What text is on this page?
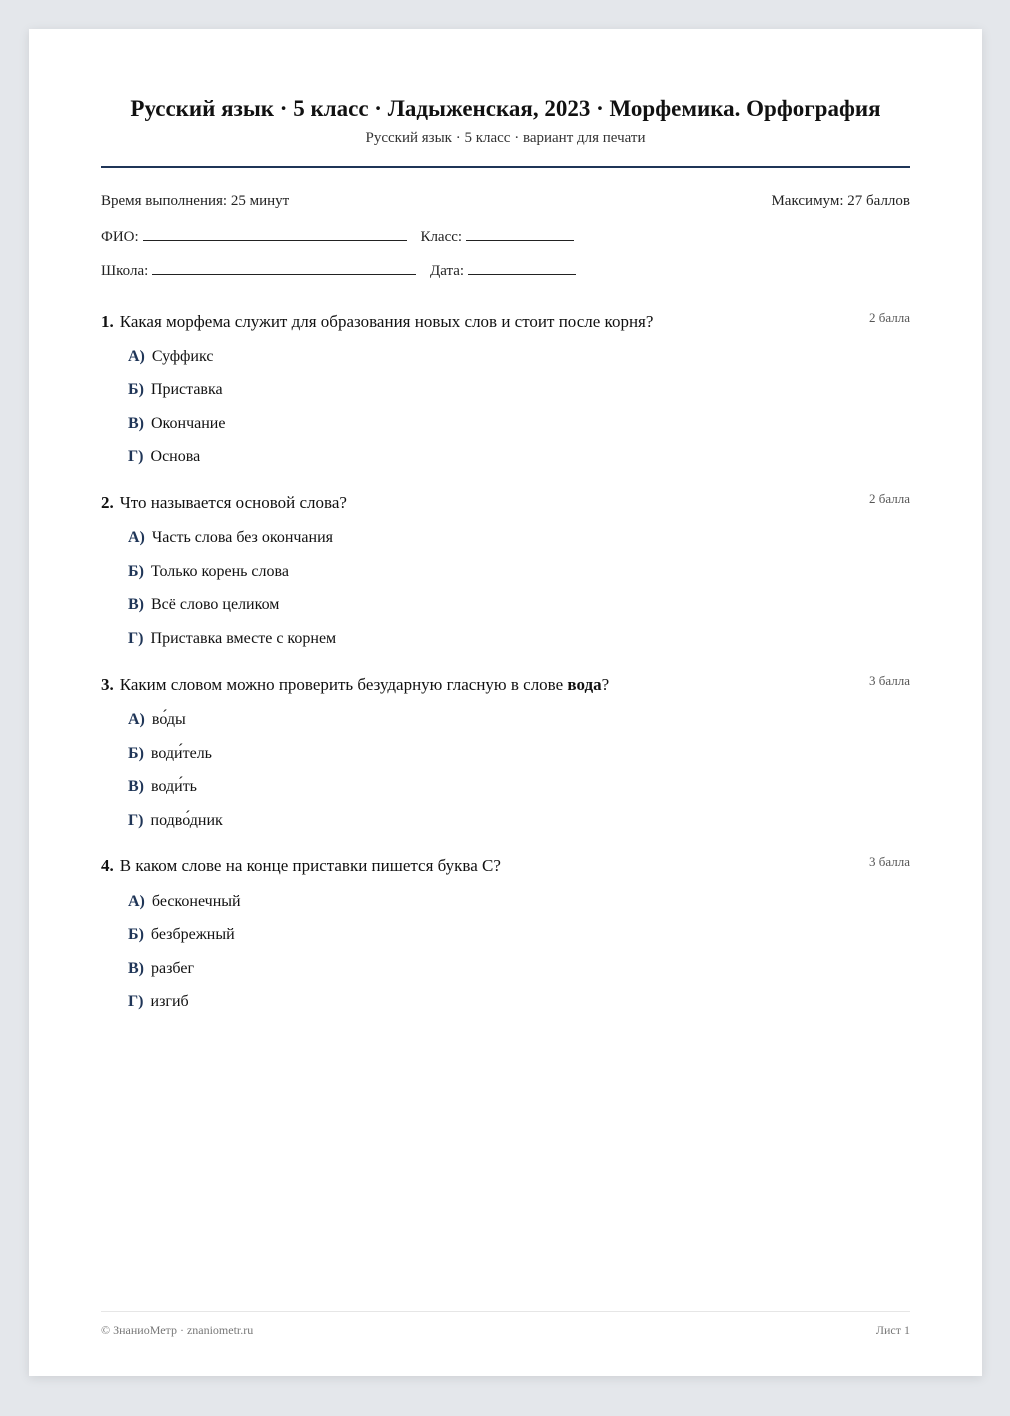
Русский язык · 5 класс · Ладыженская, 2023 · Морфемика. Орфография
Русский язык · 5 класс · вариант для печати
Время выполнения: 25 минут	Максимум: 27 баллов
ФИО:	Класс:
Школа:	Дата:
1. Какая морфема служит для образования новых слов и стоит после корня?	2 балла
А) Суффикс
Б) Приставка
В) Окончание
Г) Основа
2. Что называется основой слова?	2 балла
А) Часть слова без окончания
Б) Только корень слова
В) Всё слово целиком
Г) Приставка вместе с корнем
3. Каким словом можно проверить безударную гласную в слове вода?	3 балла
А) во́ды
Б) води́тель
В) води́ть
Г) подво́дник
4. В каком слове на конце приставки пишется буква С?	3 балла
А) бесконечный
Б) безбрежный
В) разбег
Г) изгиб
© ЗнаниоМетр · znaniometr.ru	Лист 1
